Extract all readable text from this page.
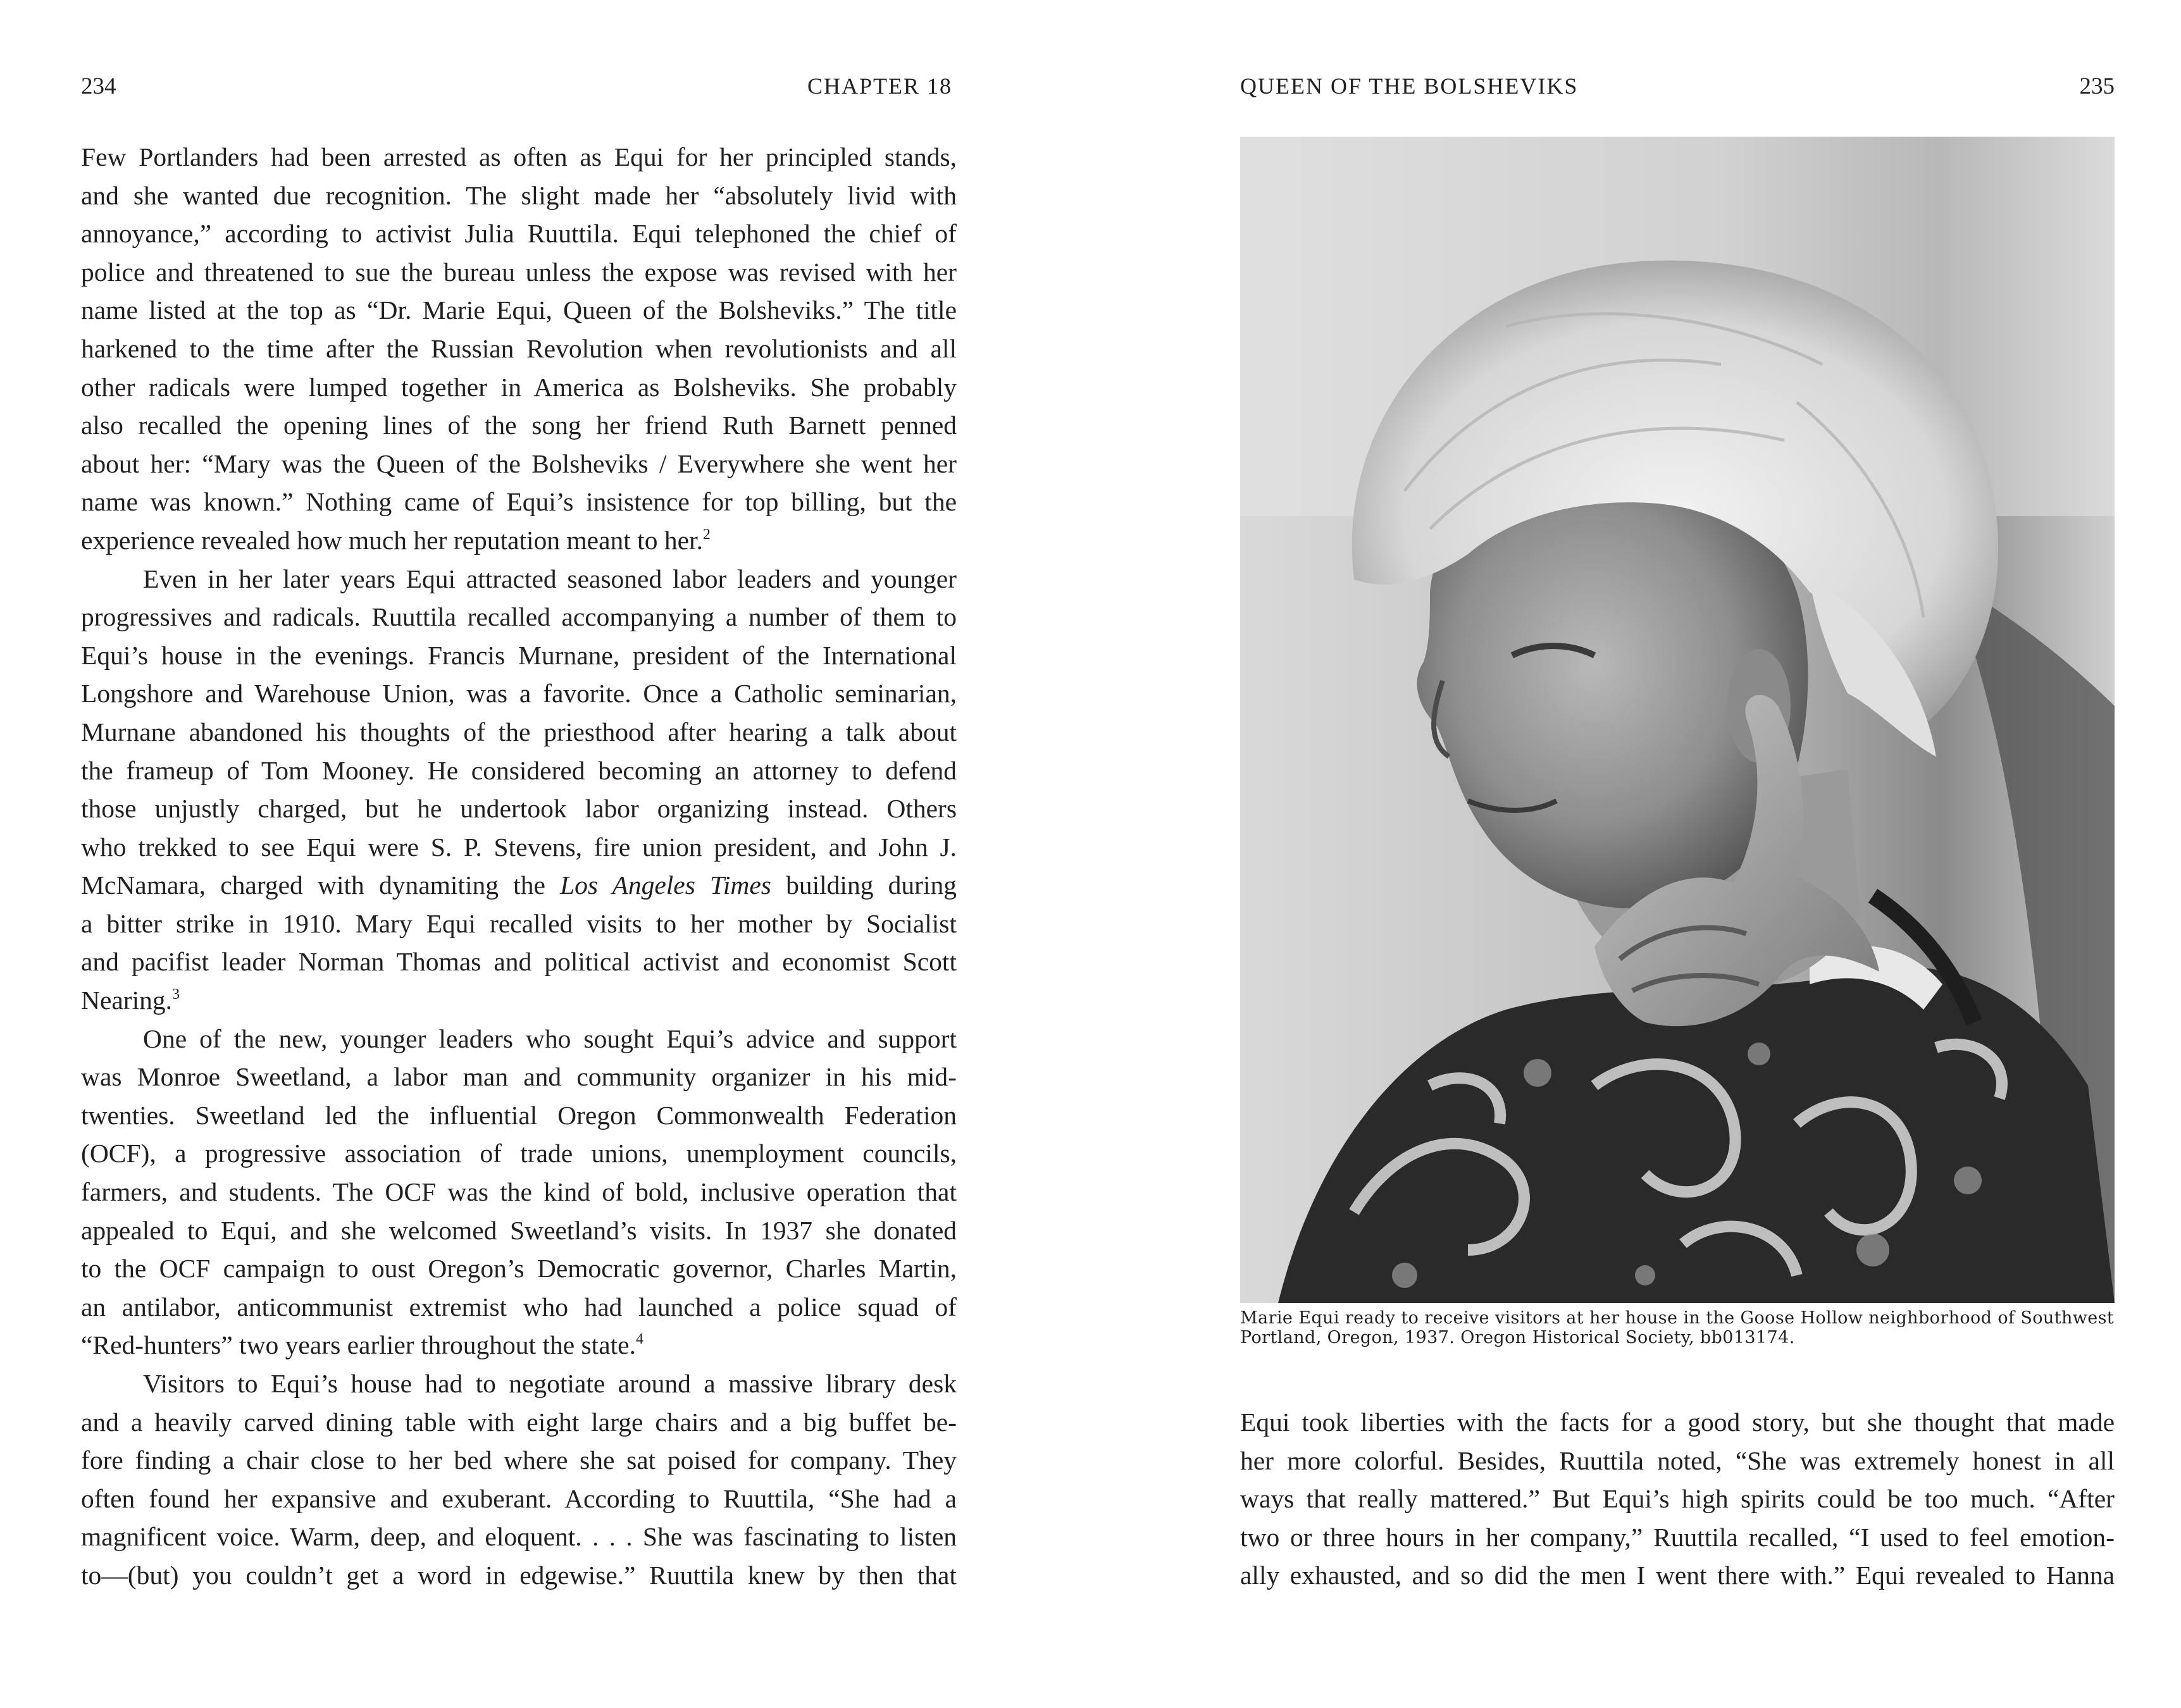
234	CHAPTER 18
Few Portlanders had been arrested as often as Equi for her principled stands,
and she wanted due recognition. The slight made her “absolutely livid with
annoyance,” according to activist Julia Ruuttila. Equi telephoned the chief of
police and threatened to sue the bureau unless the expose was revised with her
name listed at the top as “Dr. Marie Equi, Queen of the Bolsheviks.” The title
harkened to the time after the Russian Revolution when revolutionists and all
other radicals were lumped together in America as Bolsheviks. She probably
also recalled the opening lines of the song her friend Ruth Barnett penned
about her: “Mary was the Queen of the Bolsheviks / Everywhere she went her
name was known.” Nothing came of Equi’s insistence for top billing, but the
experience revealed how much her reputation meant to her.$^2$
Even in her later years Equi attracted seasoned labor leaders and younger
progressives and radicals. Ruuttila recalled accompanying a number of them to
Equi’s house in the evenings. Francis Murnane, president of the International
Longshore and Warehouse Union, was a favorite. Once a Catholic seminarian,
Murnane abandoned his thoughts of the priesthood after hearing a talk about
the frameup of Tom Mooney. He considered becoming an attorney to defend
those unjustly charged, but he undertook labor organizing instead. Others
who trekked to see Equi were S. P. Stevens, fire union president, and John J.
McNamara, charged with dynamiting the Los Angeles Times building during
a bitter strike in 1910. Mary Equi recalled visits to her mother by Socialist
and pacifist leader Norman Thomas and political activist and economist Scott
Nearing.$^3$
One of the new, younger leaders who sought Equi’s advice and support
was Monroe Sweetland, a labor man and community organizer in his mid-
twenties. Sweetland led the influential Oregon Commonwealth Federation
(OCF), a progressive association of trade unions, unemployment councils,
farmers, and students. The OCF was the kind of bold, inclusive operation that
appealed to Equi, and she welcomed Sweetland’s visits. In 1937 she donated
to the OCF campaign to oust Oregon’s Democratic governor, Charles Martin,
an antilabor, anticommunist extremist who had launched a police squad of
“Red-hunters” two years earlier throughout the state.$^4$
Visitors to Equi’s house had to negotiate around a massive library desk
and a heavily carved dining table with eight large chairs and a big buffet be-
fore finding a chair close to her bed where she sat poised for company. They
often found her expansive and exuberant. According to Ruuttila, “She had a
magnificent voice. Warm, deep, and eloquent. . . . She was fascinating to listen
to—(but) you couldn’t get a word in edgewise.” Ruuttila knew by then that
QUEEN OF THE BOLSHEVIKS	235
Marie Equi ready to receive visitors at her house in the Goose Hollow neighborhood of Southwest
Portland, Oregon, 1937. Oregon Historical Society, bb013174.
Equi took liberties with the facts for a good story, but she thought that made
her more colorful. Besides, Ruuttila noted, “She was extremely honest in all
ways that really mattered.” But Equi’s high spirits could be too much. “After
two or three hours in her company,” Ruuttila recalled, “I used to feel emotion-
ally exhausted, and so did the men I went there with.” Equi revealed to Hanna
